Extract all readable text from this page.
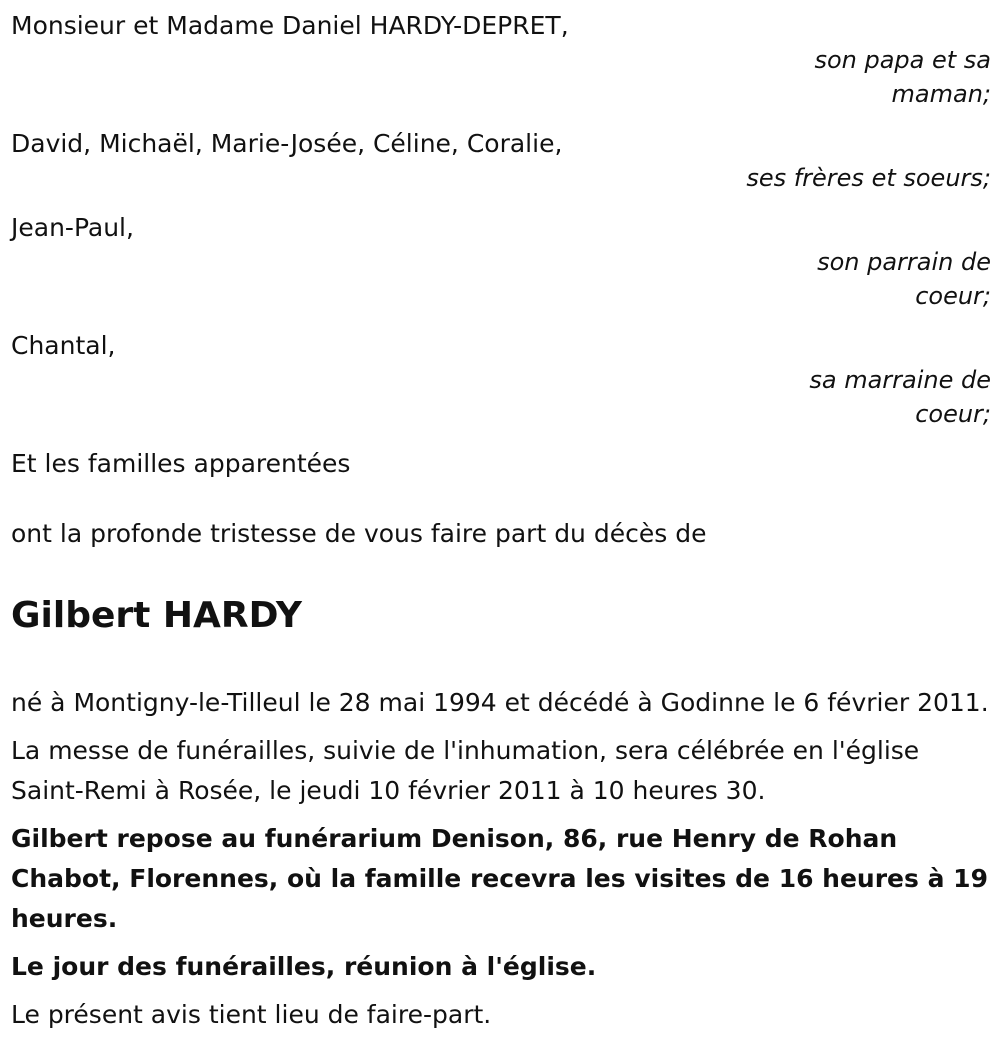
Monsieur et Madame Daniel HARDY-DEPRET,
son papa et sa
maman;
David, Michaël, Marie-Josée, Céline, Coralie,
ses frères et soeurs;
Jean-Paul,
son parrain de
coeur;
Chantal,
sa marraine de
coeur;
Et les familles apparentées
ont la profonde tristesse de vous faire part du décès de
Gilbert HARDY

né à Montigny-le-Tilleul le 28 mai 1994 et décédé à Godinne le 6 février 2011.

La messe de funérailles, suivie de l'inhumation, sera célébrée en l'église Saint-Remi à Rosée, le jeudi 10 février 2011 à 10 heures 30.

Gilbert repose au funérarium Denison, 86, rue Henry de Rohan Chabot, Florennes, où la famille recevra les visites de 16 heures à 19 heures.

Le jour des funérailles, réunion à l'église.

Le présent avis tient lieu de faire-part.
